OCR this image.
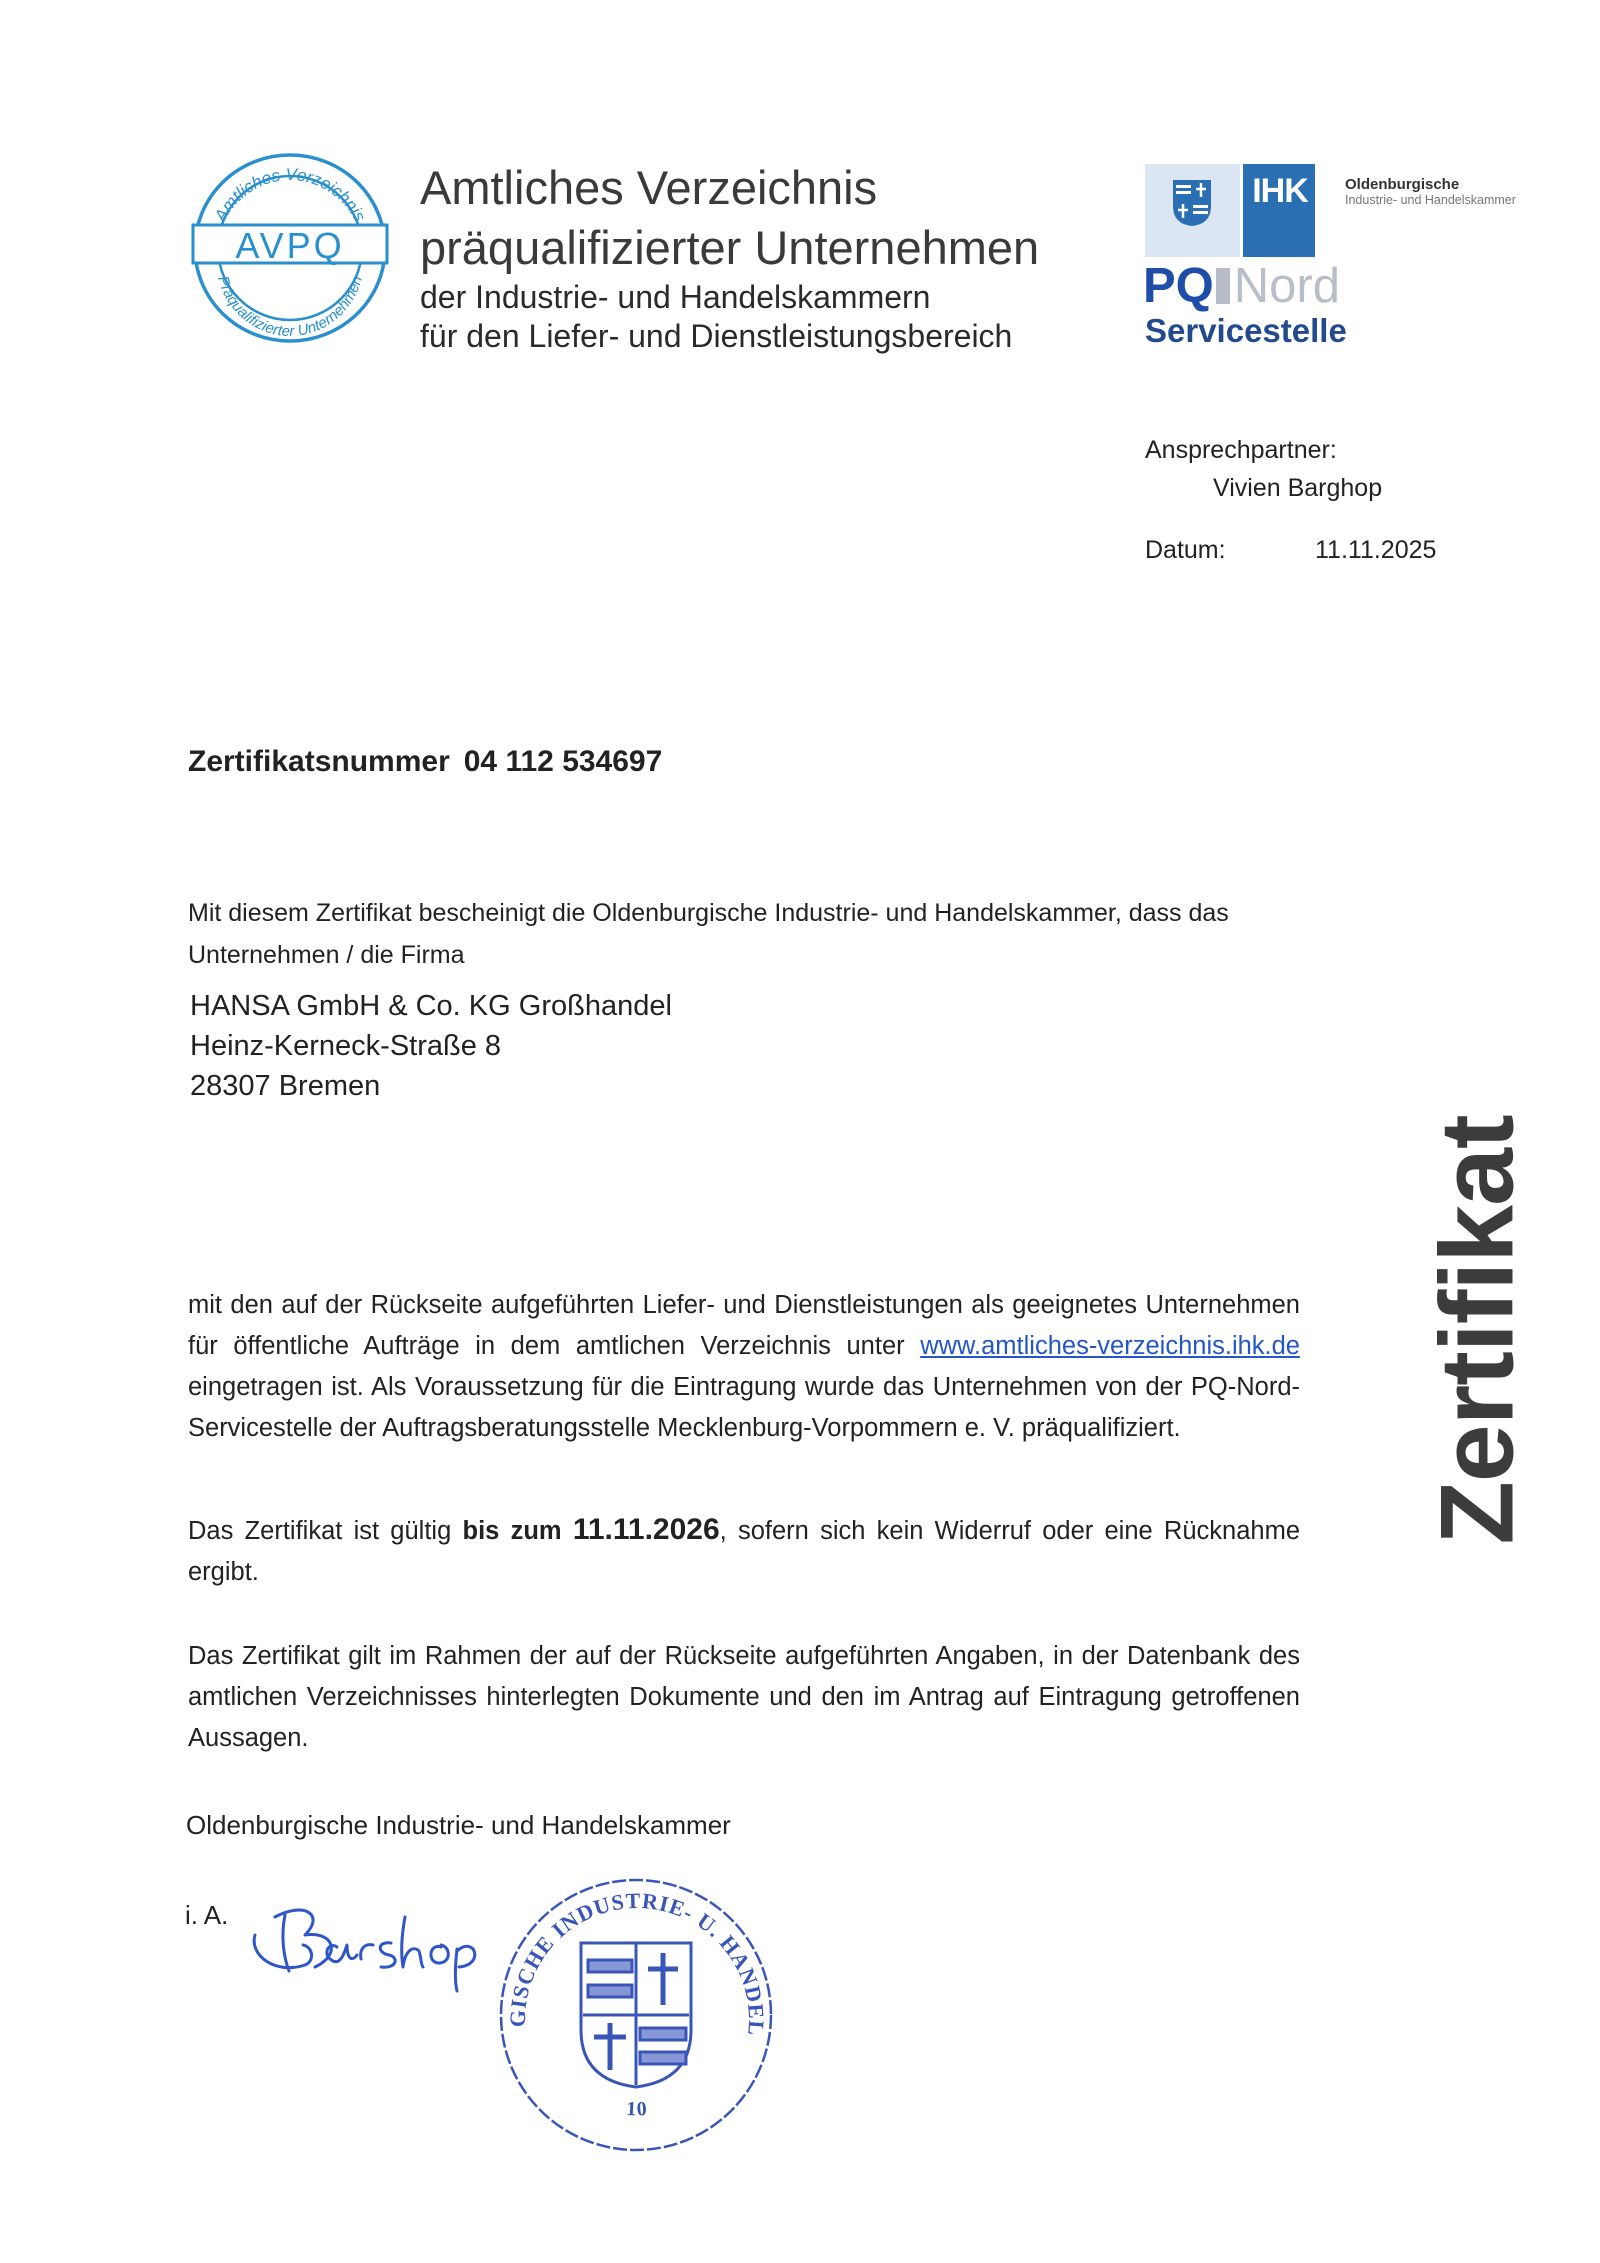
AVPQ
Amtliches Verzeichnis
Präqualifizierter Unternehmen
Amtliches Verzeichnis
präqualifizierter Unternehmen
der Industrie- und Handelskammern
für den Liefer- und Dienstleistungsbereich
IHK	Oldenburgische
Industrie- und Handelskammer
PQ Nord
Servicestelle
Ansprechpartner:
Vivien Barghop
Datum:	11.11.2025
Zertifikatsnummer 04 112 534697
Mit diesem Zertifikat bescheinigt die Oldenburgische Industrie- und Handelskammer, dass das Unternehmen / die Firma
HANSA GmbH & Co. KG Großhandel
Heinz-Kerneck-Straße 8
28307 Bremen
mit den auf der Rückseite aufgeführten Liefer- und Dienstleistungen als geeignetes Unternehmen für öffentliche Aufträge in dem amtlichen Verzeichnis unter www.amtliches-verzeichnis.ihk.de eingetragen ist. Als Voraussetzung für die Eintragung wurde das Unternehmen von der PQ-Nord-Servicestelle der Auftragsberatungsstelle Mecklenburg-Vorpommern e. V. präqualifiziert.
Das Zertifikat ist gültig bis zum 11.11.2026, sofern sich kein Widerruf oder eine Rücknahme ergibt.
Das Zertifikat gilt im Rahmen der auf der Rückseite aufgeführten Angaben, in der Datenbank des amtlichen Verzeichnisses hinterlegten Dokumente und den im Antrag auf Eintragung getroffenen Aussagen.
Oldenburgische Industrie- und Handelskammer
i. A.
GISCHE INDUSTRIE- U. HANDEL
10
Zertifikat
